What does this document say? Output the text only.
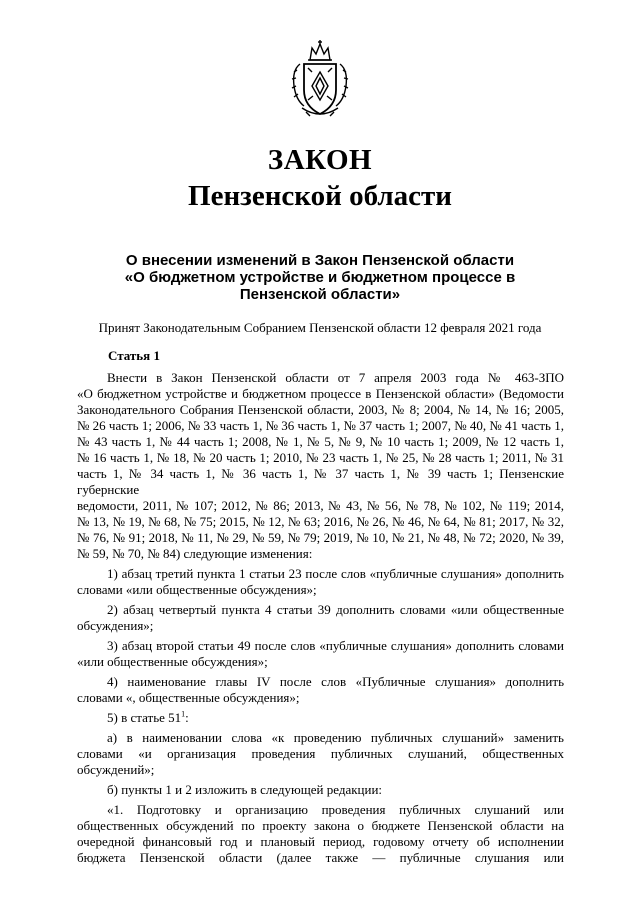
ЗАКОН
Пензенской области
О внесении изменений в Закон Пензенской области
«О бюджетном устройстве и бюджетном процессе в
Пензенской области»
Принят Законодательным Собранием Пензенской области 12 февраля 2021 года
Статья 1
Внести в Закон Пензенской области от 7 апреля 2003 года № 463-ЗПО
«О бюджетном устройстве и бюджетном процессе в Пензенской области» (Ведомости
Законодательного Собрания Пензенской области, 2003, № 8; 2004, № 14, № 16; 2005,
№ 26 часть 1; 2006, № 33 часть 1, № 36 часть 1, № 37 часть 1; 2007, № 40, № 41 часть 1,
№ 43 часть 1, № 44 часть 1; 2008, № 1, № 5, № 9, № 10 часть 1; 2009, № 12 часть 1,
№ 16 часть 1, № 18, № 20 часть 1; 2010, № 23 часть 1, № 25, № 28 часть 1; 2011, № 31
часть 1, № 34 часть 1, № 36 часть 1, № 37 часть 1, № 39 часть 1; Пензенские губернские
ведомости, 2011, № 107; 2012, № 86; 2013, № 43, № 56, № 78, № 102, № 119; 2014,
№ 13, № 19, № 68, № 75; 2015, № 12, № 63; 2016, № 26, № 46, № 64, № 81; 2017, № 32,
№ 76, № 91; 2018, № 11, № 29, № 59, № 79; 2019, № 10, № 21, № 48, № 72; 2020, № 39,
№ 59, № 70, № 84) следующие изменения:
1) абзац третий пункта 1 статьи 23 после слов «публичные слушания» дополнить
словами «или общественные обсуждения»;
2) абзац четвертый пункта 4 статьи 39 дополнить словами «или общественные
обсуждения»;
3) абзац второй статьи 49 после слов «публичные слушания» дополнить словами
«или общественные обсуждения»;
4) наименование главы IV после слов «Публичные слушания» дополнить
словами «, общественные обсуждения»;
5) в статье $51^1$:
а) в наименовании слова «к проведению публичных слушаний» заменить
словами «и организация проведения публичных слушаний, общественных
обсуждений»;
б) пункты 1 и 2 изложить в следующей редакции:
«1. Подготовку и организацию проведения публичных слушаний или
общественных обсуждений по проекту закона о бюджете Пензенской области на
очередной финансовый год и плановый период, годовому отчету об исполнении
бюджета Пензенской области (далее также — публичные слушания или
